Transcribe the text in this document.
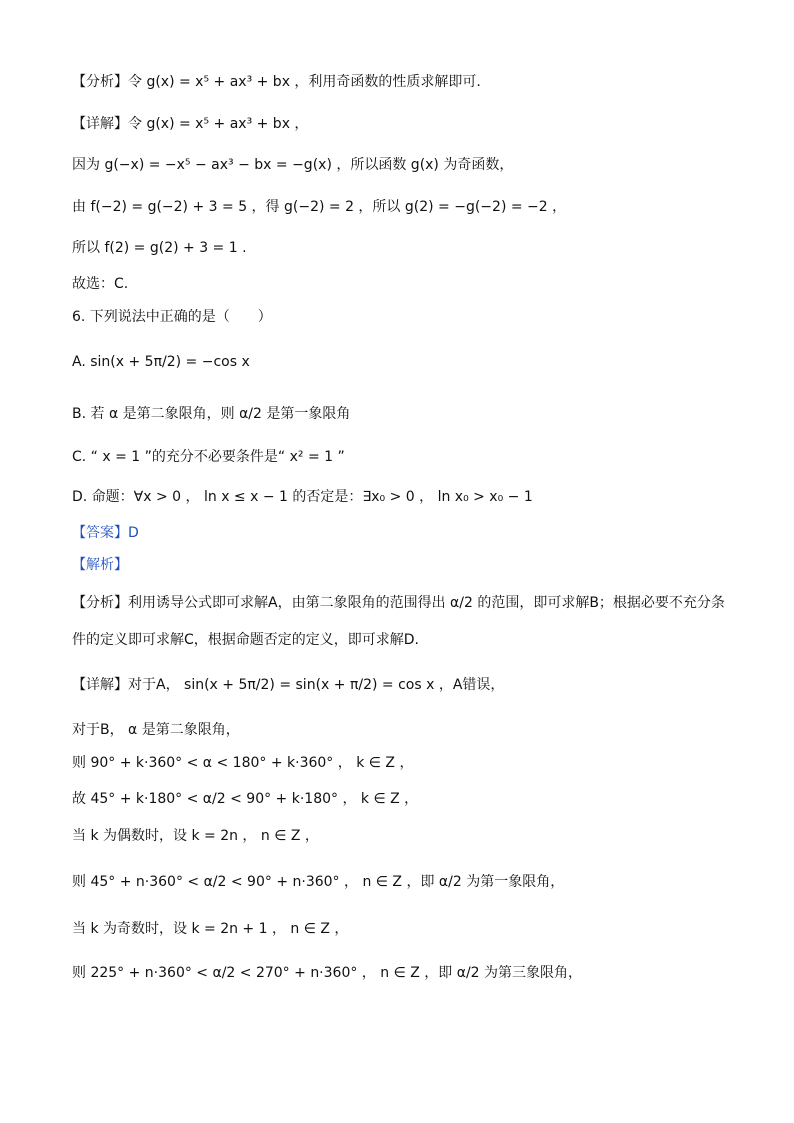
【分析】令 g(x) = x⁵ + ax³ + bx ，利用奇函数的性质求解即可.
【详解】令 g(x) = x⁵ + ax³ + bx ，
因为 g(−x) = −x⁵ − ax³ − bx = −g(x) ，所以函数 g(x) 为奇函数，
由 f(−2) = g(−2) + 3 = 5 ，得 g(−2) = 2 ，所以 g(2) = −g(−2) = −2 ，
所以 f(2) = g(2) + 3 = 1 .
故选：C.
6. 下列说法中正确的是（　　）
A. sin(x + 5π/2) = −cos x
B. 若 α 是第二象限角，则 α/2 是第一象限角
C. “ x = 1 ”的充分不必要条件是“ x² = 1 ”
D. 命题：∀x > 0 ， ln x ≤ x − 1 的否定是：∃x₀ > 0 ， ln x₀ > x₀ − 1
【答案】D
【解析】
【分析】利用诱导公式即可求解A，由第二象限角的范围得出 α/2 的范围，即可求解B；根据必要不充分条
件的定义即可求解C，根据命题否定的定义，即可求解D.
【详解】对于A， sin(x + 5π/2) = sin(x + π/2) = cos x ，A错误，
对于B， α 是第二象限角，
则 90° + k·360° < α < 180° + k·360° ， k ∈ Z ，
故 45° + k·180° < α/2 < 90° + k·180° ， k ∈ Z ，
当 k 为偶数时，设 k = 2n ， n ∈ Z ，
则 45° + n·360° < α/2 < 90° + n·360° ， n ∈ Z ，即 α/2 为第一象限角，
当 k 为奇数时，设 k = 2n + 1 ， n ∈ Z ，
则 225° + n·360° < α/2 < 270° + n·360° ， n ∈ Z ，即 α/2 为第三象限角，
